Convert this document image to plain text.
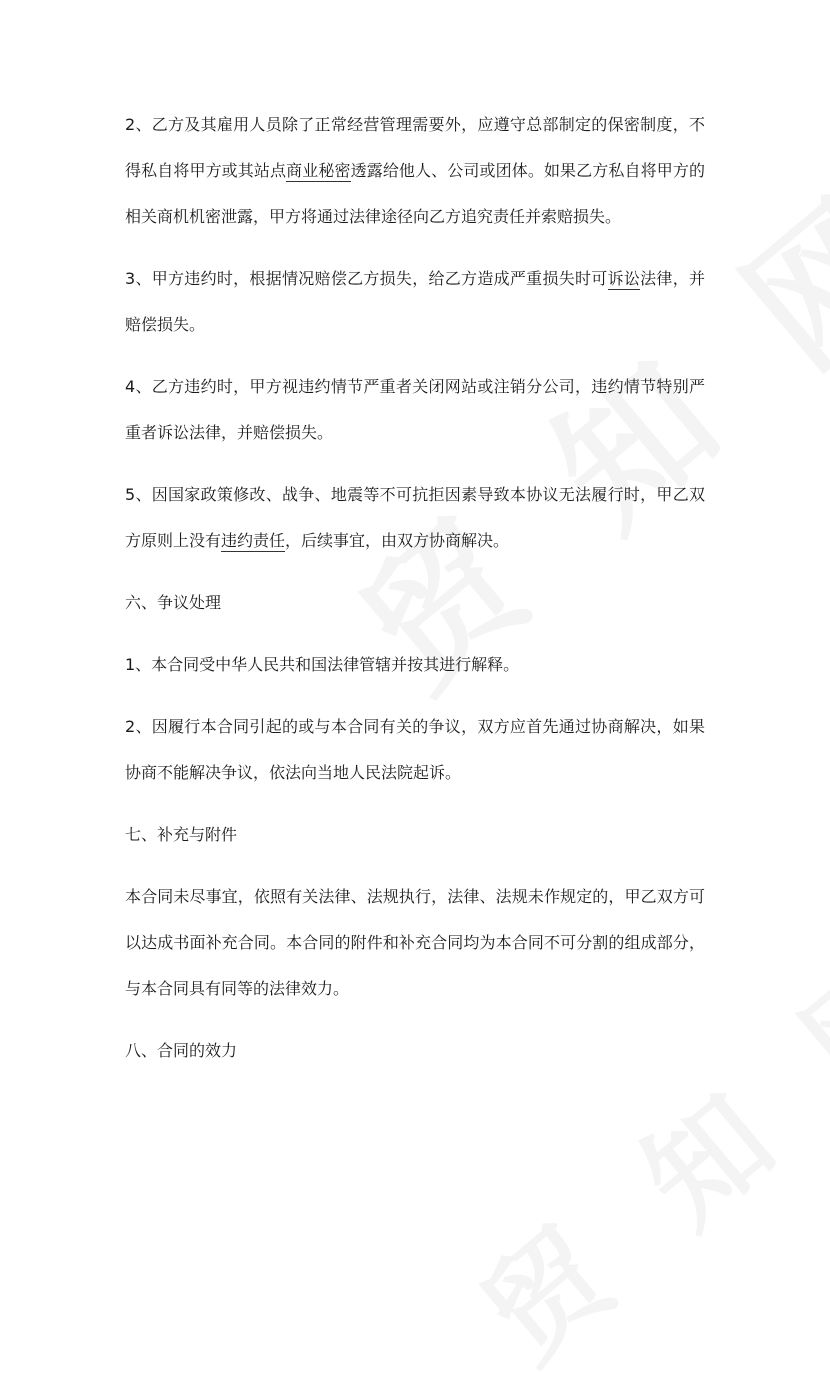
2、乙方及其雇用人员除了正常经营管理需要外，应遵守总部制定的保密制度，不得私自将甲方或其站点商业秘密透露给他人、公司或团体。如果乙方私自将甲方的相关商机机密泄露，甲方将通过法律途径向乙方追究责任并索赔损失。

3、甲方违约时，根据情况赔偿乙方损失，给乙方造成严重损失时可诉讼法律，并赔偿损失。

4、乙方违约时，甲方视违约情节严重者关闭网站或注销分公司，违约情节特别严重者诉讼法律，并赔偿损失。

5、因国家政策修改、战争、地震等不可抗拒因素导致本协议无法履行时，甲乙双方原则上没有违约责任，后续事宜，由双方协商解决。

六、争议处理

1、本合同受中华人民共和国法律管辖并按其进行解释。

2、因履行本合同引起的或与本合同有关的争议，双方应首先通过协商解决，如果协商不能解决争议，依法向当地人民法院起诉。

七、补充与附件

本合同未尽事宜，依照有关法律、法规执行，法律、法规未作规定的，甲乙双方可以达成书面补充合同。本合同的附件和补充合同均为本合同不可分割的组成部分，与本合同具有同等的法律效力。

八、合同的效力
